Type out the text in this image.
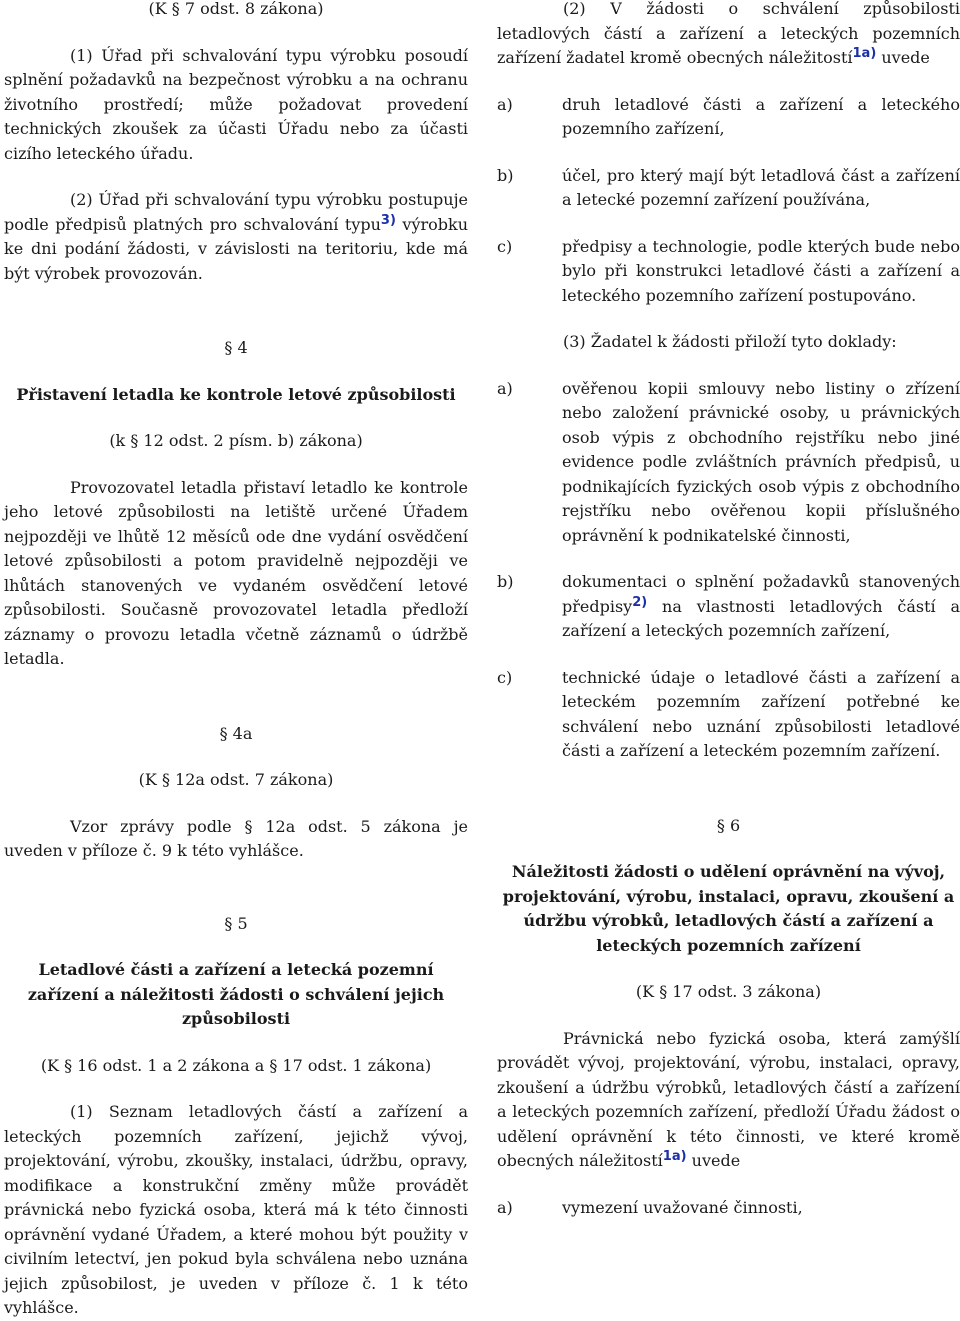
(K § 7 odst. 8 zákona)

(1) Úřad při schvalování typu výrobku posoudí splnění požadavků na bezpečnost výrobku a na ochranu životního prostředí; může požadovat provedení technických zkoušek za účasti Úřadu nebo za účasti cizího leteckého úřadu.

(2) Úřad při schvalování typu výrobku postupuje podle předpisů platných pro schvalování typu$^{3)}$ výrobku ke dni podání žádosti, v závislosti na teritoriu, kde má být výrobek provozován.

§ 4

Přistavení letadla ke kontrole letové způsobilosti

(k § 12 odst. 2 písm. b) zákona)

Provozovatel letadla přistaví letadlo ke kontrole jeho letové způsobilosti na letiště určené Úřadem nejpozději ve lhůtě 12 měsíců ode dne vydání osvědčení letové způsobilosti a potom pravidelně nejpozději ve lhůtách stanovených ve vydaném osvědčení letové způsobilosti. Současně provozovatel letadla předloží záznamy o provozu letadla včetně záznamů o údržbě letadla.

§ 4a

(K § 12a odst. 7 zákona)

Vzor zprávy podle § 12a odst. 5 zákona je uveden v příloze č. 9 k této vyhlášce.

§ 5

Letadlové části a zařízení a letecká pozemní zařízení a náležitosti žádosti o schválení jejich způsobilosti

(K § 16 odst. 1 a 2 zákona a § 17 odst. 1 zákona)

(1) Seznam letadlových částí a zařízení a leteckých pozemních zařízení, jejichž vývoj, projektování, výrobu, zkoušky, instalaci, údržbu, opravy, modifikace a konstrukční změny může provádět právnická nebo fyzická osoba, která má k této činnosti oprávnění vydané Úřadem, a které mohou být použity v civilním letectví, jen pokud byla schválena nebo uznána jejich způsobilost, je uveden v příloze č. 1 k této vyhlášce.

(2) V žádosti o schválení způsobilosti letadlových částí a zařízení a leteckých pozemních zařízení žadatel kromě obecných náležitostí$^{1a)}$ uvede

a)	druh letadlové části a zařízení a leteckého pozemního zařízení,
b)	účel, pro který mají být letadlová část a zařízení a letecké pozemní zařízení používána,
c)	předpisy a technologie, podle kterých bude nebo bylo při konstrukci letadlové části a zařízení a leteckého pozemního zařízení postupováno.

(3) Žadatel k žádosti přiloží tyto doklady:

a)	ověřenou kopii smlouvy nebo listiny o zřízení nebo založení právnické osoby, u právnických osob výpis z obchodního rejstříku nebo jiné evidence podle zvláštních právních předpisů, u podnikajících fyzických osob výpis z obchodního rejstříku nebo ověřenou kopii příslušného oprávnění k podnikatelské činnosti,
b)	dokumentaci o splnění požadavků stanovených předpisy$^{2)}$ na vlastnosti letadlových částí a zařízení a leteckých pozemních zařízení,
c)	technické údaje o letadlové části a zařízení a leteckém pozemním zařízení potřebné ke schválení nebo uznání způsobilosti letadlové části a zařízení a leteckém pozemním zařízení.

§ 6

Náležitosti žádosti o udělení oprávnění na vývoj, projektování, výrobu, instalaci, opravu, zkoušení a údržbu výrobků, letadlových částí a zařízení a leteckých pozemních zařízení

(K § 17 odst. 3 zákona)

Právnická nebo fyzická osoba, která zamýšlí provádět vývoj, projektování, výrobu, instalaci, opravy, zkoušení a údržbu výrobků, letadlových částí a zařízení a leteckých pozemních zařízení, předloží Úřadu žádost o udělení oprávnění k této činnosti, ve které kromě obecných náležitostí$^{1a)}$ uvede

a)	vymezení uvažované činnosti,
